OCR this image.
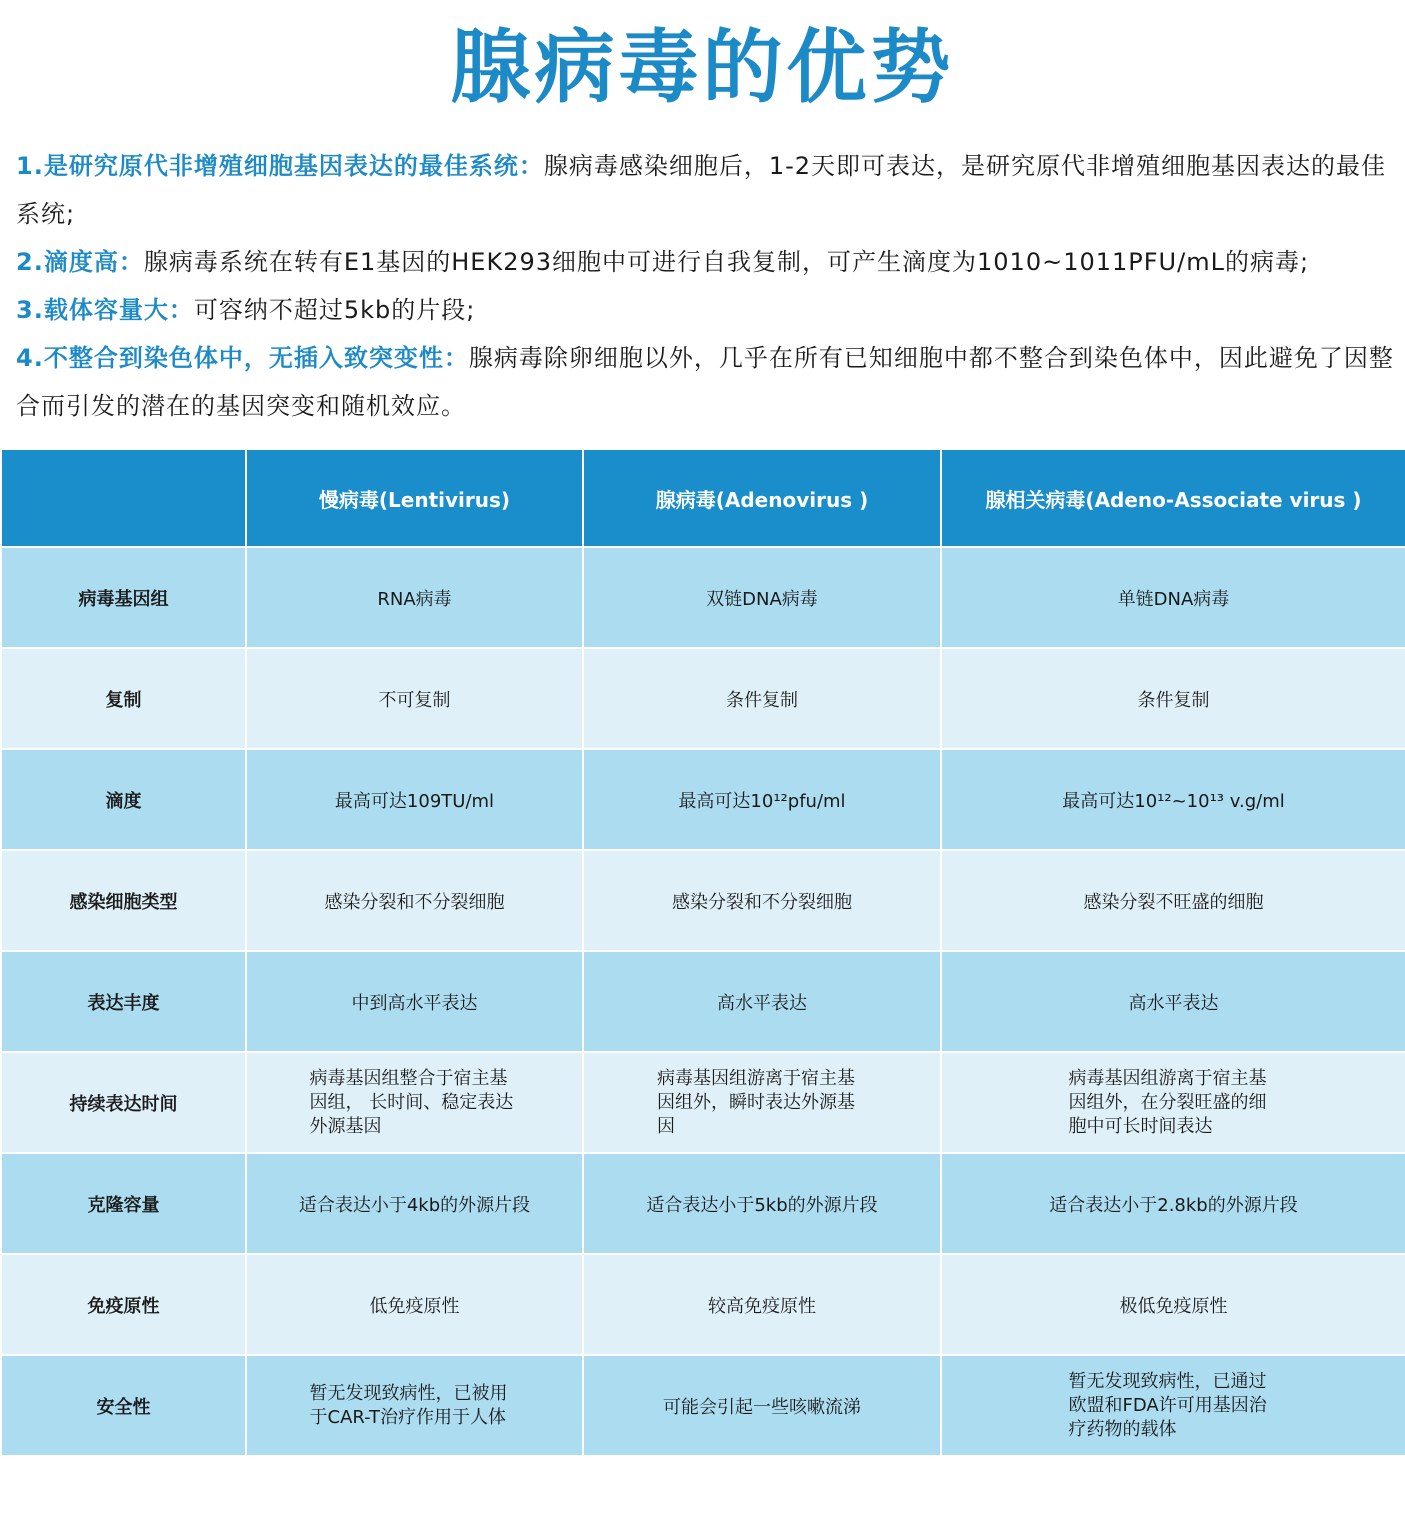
腺病毒的优势

1.是研究原代非增殖细胞基因表达的最佳系统：腺病毒感染细胞后，1-2天即可表达，是研究原代非增殖细胞基因表达的最佳系统;

2.滴度高：腺病毒系统在转有E1基因的HEK293细胞中可进行自我复制，可产生滴度为1010~1011PFU/mL的病毒;

3.载体容量大：可容纳不超过5kb的片段;

4.不整合到染色体中，无插入致突变性：腺病毒除卵细胞以外，几乎在所有已知细胞中都不整合到染色体中，因此避免了因整合而引发的潜在的基因突变和随机效应。

	慢病毒(Lentivirus)	腺病毒(Adenovirus )	腺相关病毒(Adeno-Associate virus )
病毒基因组	RNA病毒	双链DNA病毒	单链DNA病毒
复制	不可复制	条件复制	条件复制
滴度	最高可达109TU/ml	最高可达10¹²pfu/ml	最高可达10¹²~10¹³ v.g/ml
感染细胞类型	感染分裂和不分裂细胞	感染分裂和不分裂细胞	感染分裂不旺盛的细胞
表达丰度	中到高水平表达	高水平表达	高水平表达
持续表达时间	病毒基因组整合于宿主基因组， 长时间、稳定表达外源基因	病毒基因组游离于宿主基因组外，瞬时表达外源基因	病毒基因组游离于宿主基因组外，在分裂旺盛的细胞中可长时间表达
克隆容量	适合表达小于4kb的外源片段	适合表达小于5kb的外源片段	适合表达小于2.8kb的外源片段
免疫原性	低免疫原性	较高免疫原性	极低免疫原性
安全性	暂无发现致病性，已被用于CAR-T治疗作用于人体	可能会引起一些咳嗽流涕	暂无发现致病性，已通过欧盟和FDA许可用基因治疗药物的载体
